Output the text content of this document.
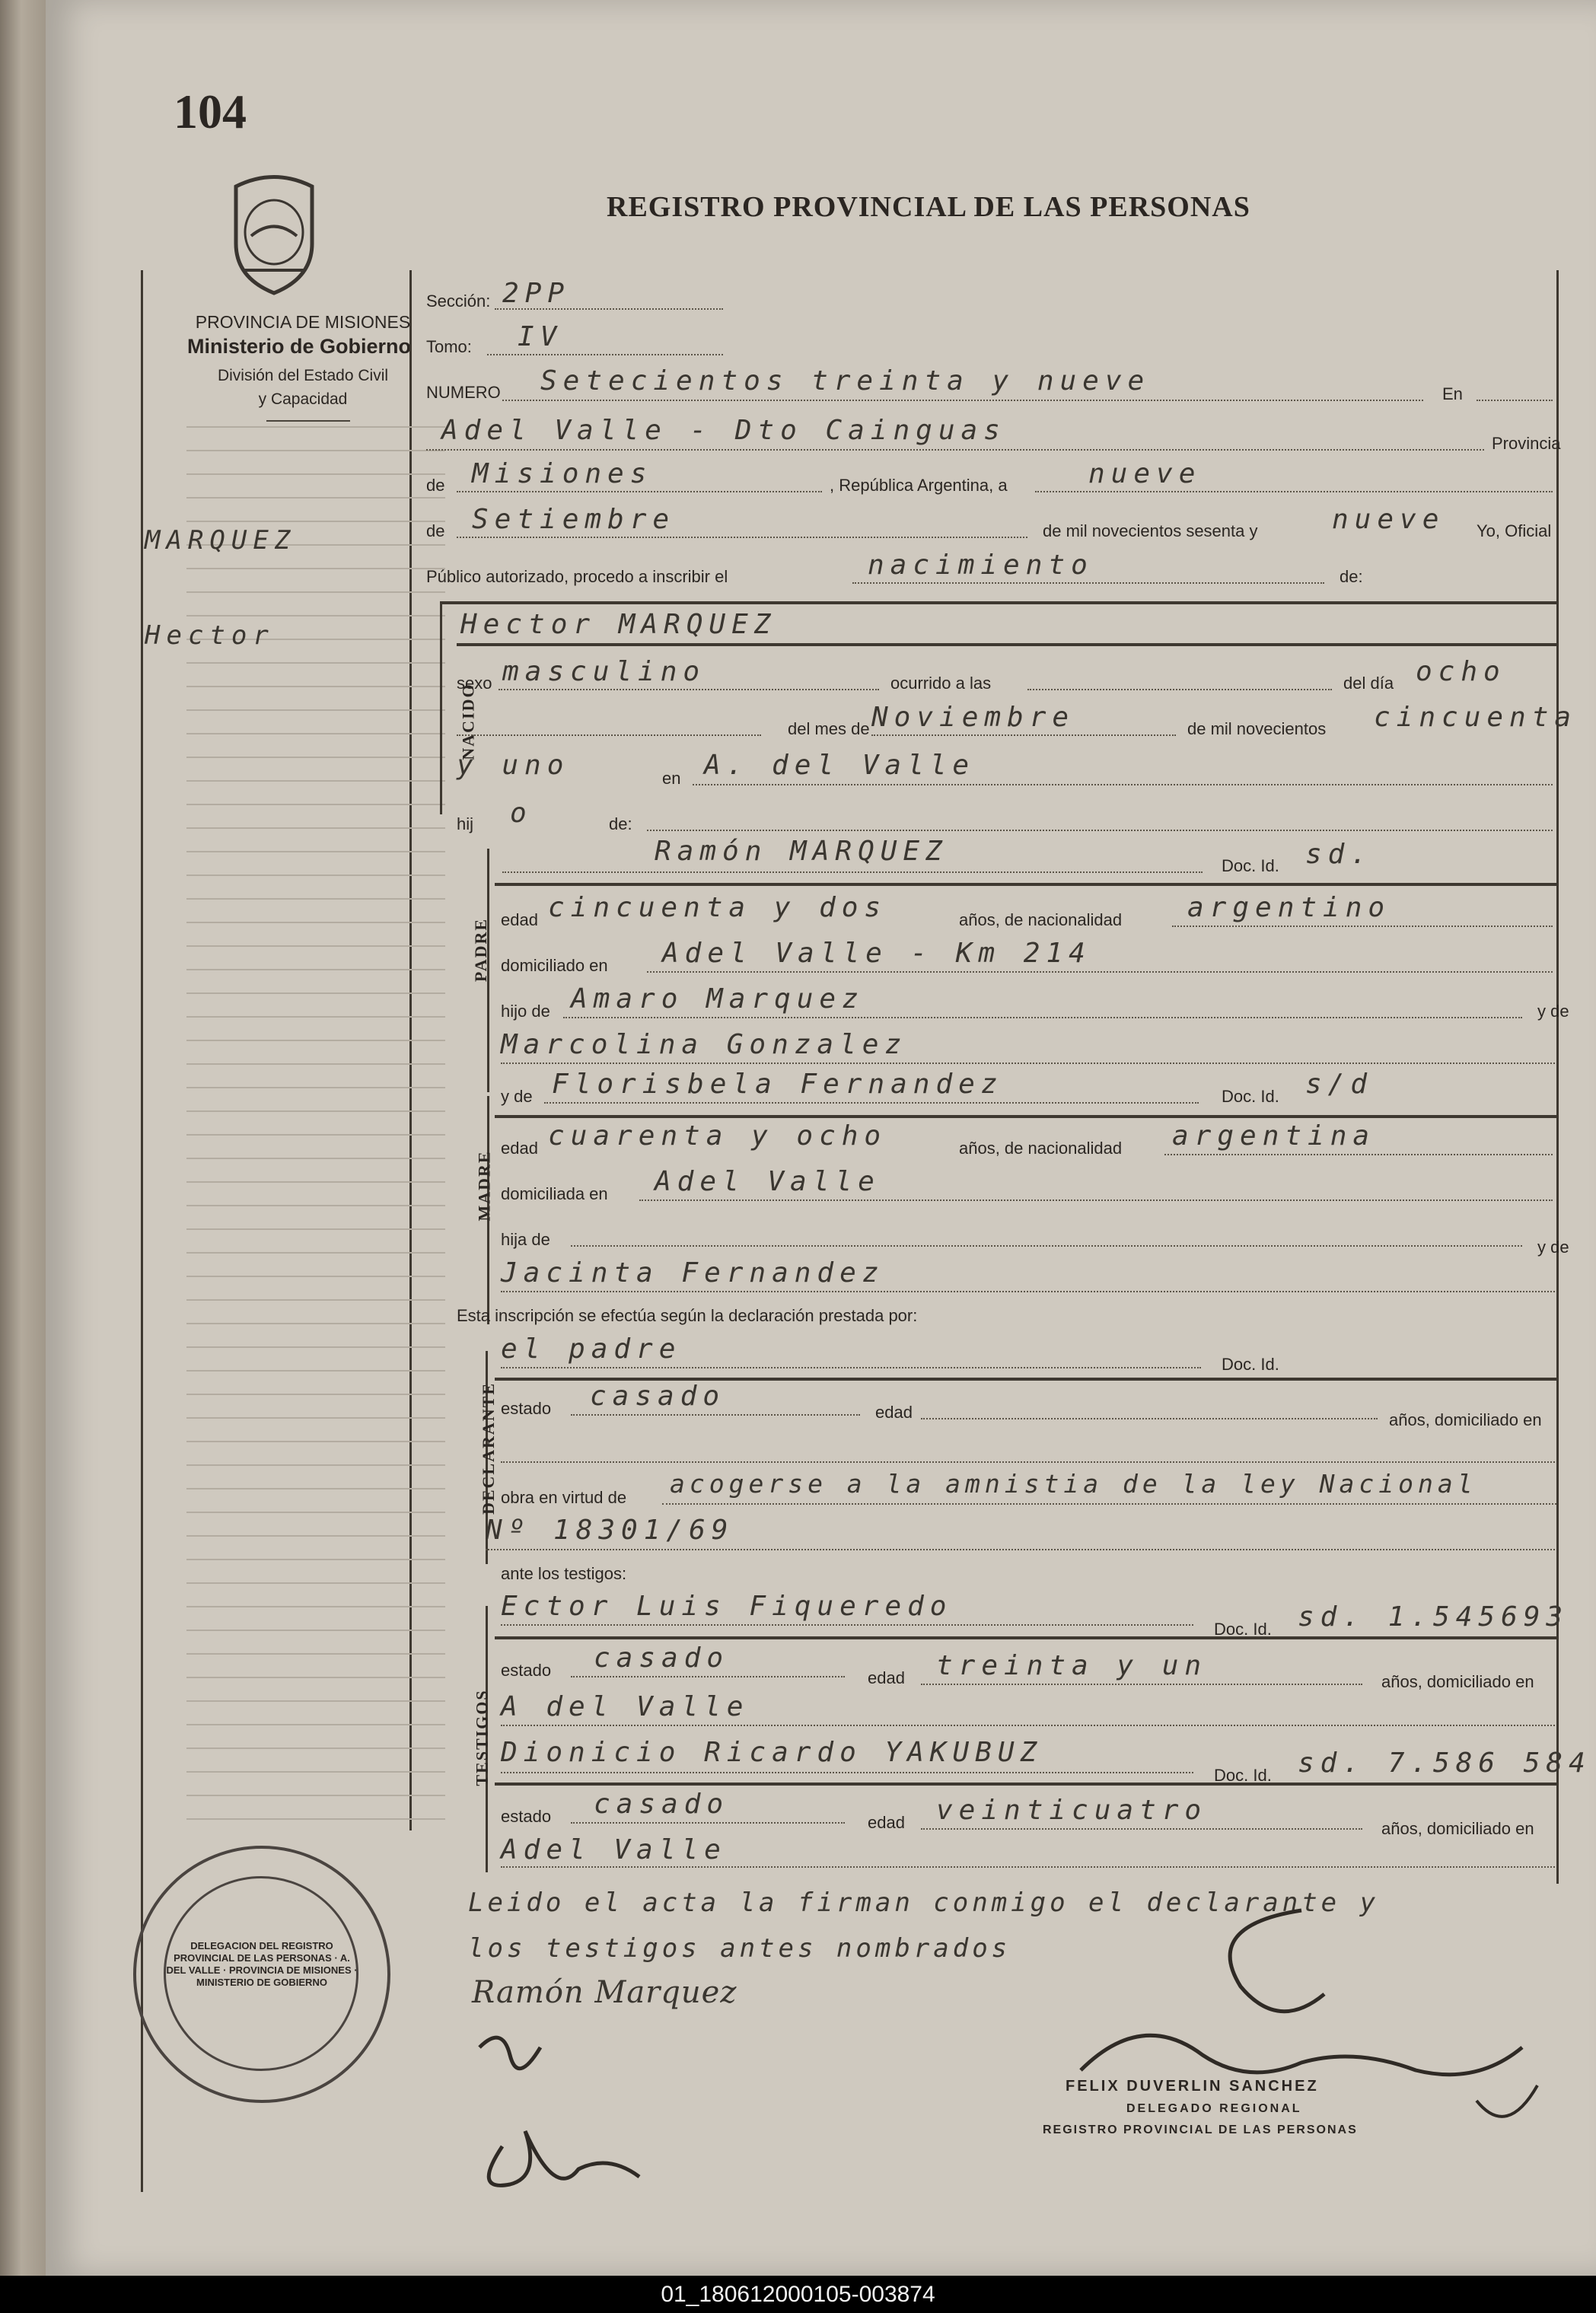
104
REGISTRO PROVINCIAL DE LAS PERSONAS
PROVINCIA DE MISIONES
Ministerio de Gobierno
División del Estado Civil
y Capacidad
MARQUEZ
Hector
Sección: 2PP
Tomo: IV
NUMERO Setecientos treinta y nueve	En
Adel Valle - Dto Cainguas	Provincia
de Misiones	, República Argentina, a	nueve
de Setiembre	de mil novecientos sesenta y	nueve Yo, Oficial
Público autorizado, procedo a inscribir el	nacimiento	de:
NACIDO
Hector MARQUEZ
sexo masculino	ocurrido a las	del día ocho
del mes de Noviembre	de mil novecientos cincuenta
y uno	en A. del Valle
hij o	de:
PADRE
Ramón MARQUEZ	Doc. Id. sd.
edad cincuenta y dos	años, de nacionalidad argentino
domiciliado en Adel Valle - Km 214
hijo de Amaro Marquez	y de
Marcolina Gonzalez
MADRE
y de Florisbela Fernandez	Doc. Id. s/d
edad cuarenta y ocho	años, de nacionalidad argentina
domiciliada en Adel Valle
hija de	y de
Jacinta Fernandez
Esta inscripción se efectúa según la declaración prestada por:
DECLARANTE
el padre	Doc. Id.
estado casado
edad	años, domiciliado en
obra en virtud de acogerse a la amnistia de la ley Nacional
Nº 18301/69
ante los testigos:
TESTIGOS
Ector Luis Fiqueredo
Doc. Id. sd. 1.545693
estado casado
edad treinta y un
años, domiciliado en
A del Valle
Dionicio Ricardo YAKUBUZ
Doc. Id. sd. 7.586 584
estado casado
edad veinticuatro
años, domiciliado en
Adel Valle
Leido el acta la firman conmigo el declarante y
los testigos antes nombrados
Ramón Marquez
FELIX DUVERLIN SANCHEZ
DELEGADO REGIONAL
REGISTRO PROVINCIAL DE LAS PERSONAS
DELEGACION DEL REGISTRO PROVINCIAL DE LAS PERSONAS · A. DEL VALLE · PROVINCIA DE MISIONES · MINISTERIO DE GOBIERNO
01_180612000105-003874
